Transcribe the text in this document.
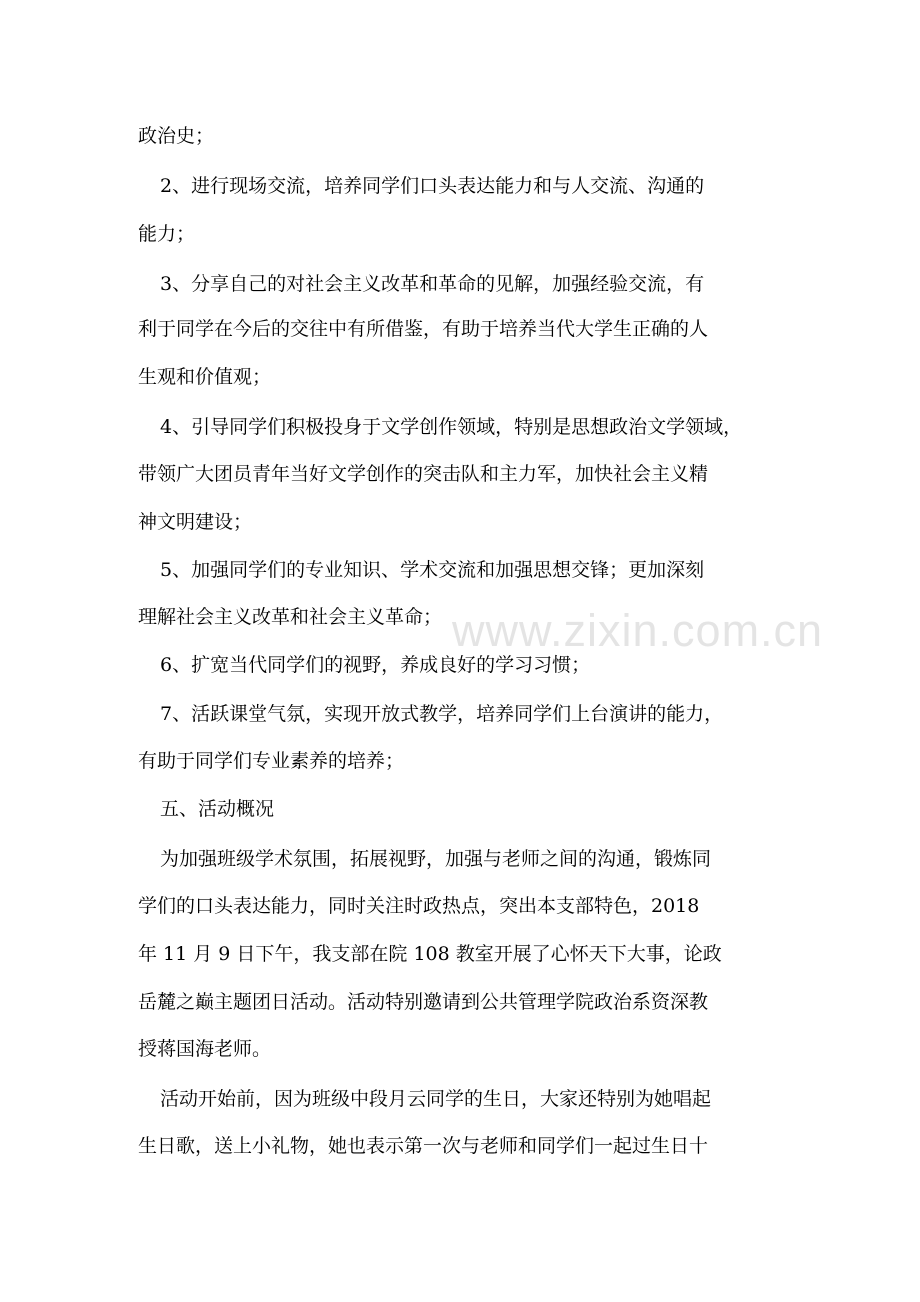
政治史；
2、进行现场交流，培养同学们口头表达能力和与人交流、沟通的
能力；
3、分享自己的对社会主义改革和革命的见解，加强经验交流，有
利于同学在今后的交往中有所借鉴，有助于培养当代大学生正确的人
生观和价值观；
4、引导同学们积极投身于文学创作领域，特别是思想政治文学领域，
带领广大团员青年当好文学创作的突击队和主力军，加快社会主义精
神文明建设；
5、加强同学们的专业知识、学术交流和加强思想交锋；更加深刻
理解社会主义改革和社会主义革命；
6、扩宽当代同学们的视野，养成良好的学习习惯；
7、活跃课堂气氛，实现开放式教学，培养同学们上台演讲的能力，
有助于同学们专业素养的培养；
五、活动概况
为加强班级学术氛围，拓展视野，加强与老师之间的沟通，锻炼同
学们的口头表达能力，同时关注时政热点，突出本支部特色，2018
年 11 月 9 日下午，我支部在院 108 教室开展了心怀天下大事，论政
岳麓之巅主题团日活动。活动特别邀请到公共管理学院政治系资深教
授蒋国海老师。
活动开始前，因为班级中段月云同学的生日，大家还特别为她唱起
生日歌，送上小礼物，她也表示第一次与老师和同学们一起过生日十
www.zixin.com.cn
